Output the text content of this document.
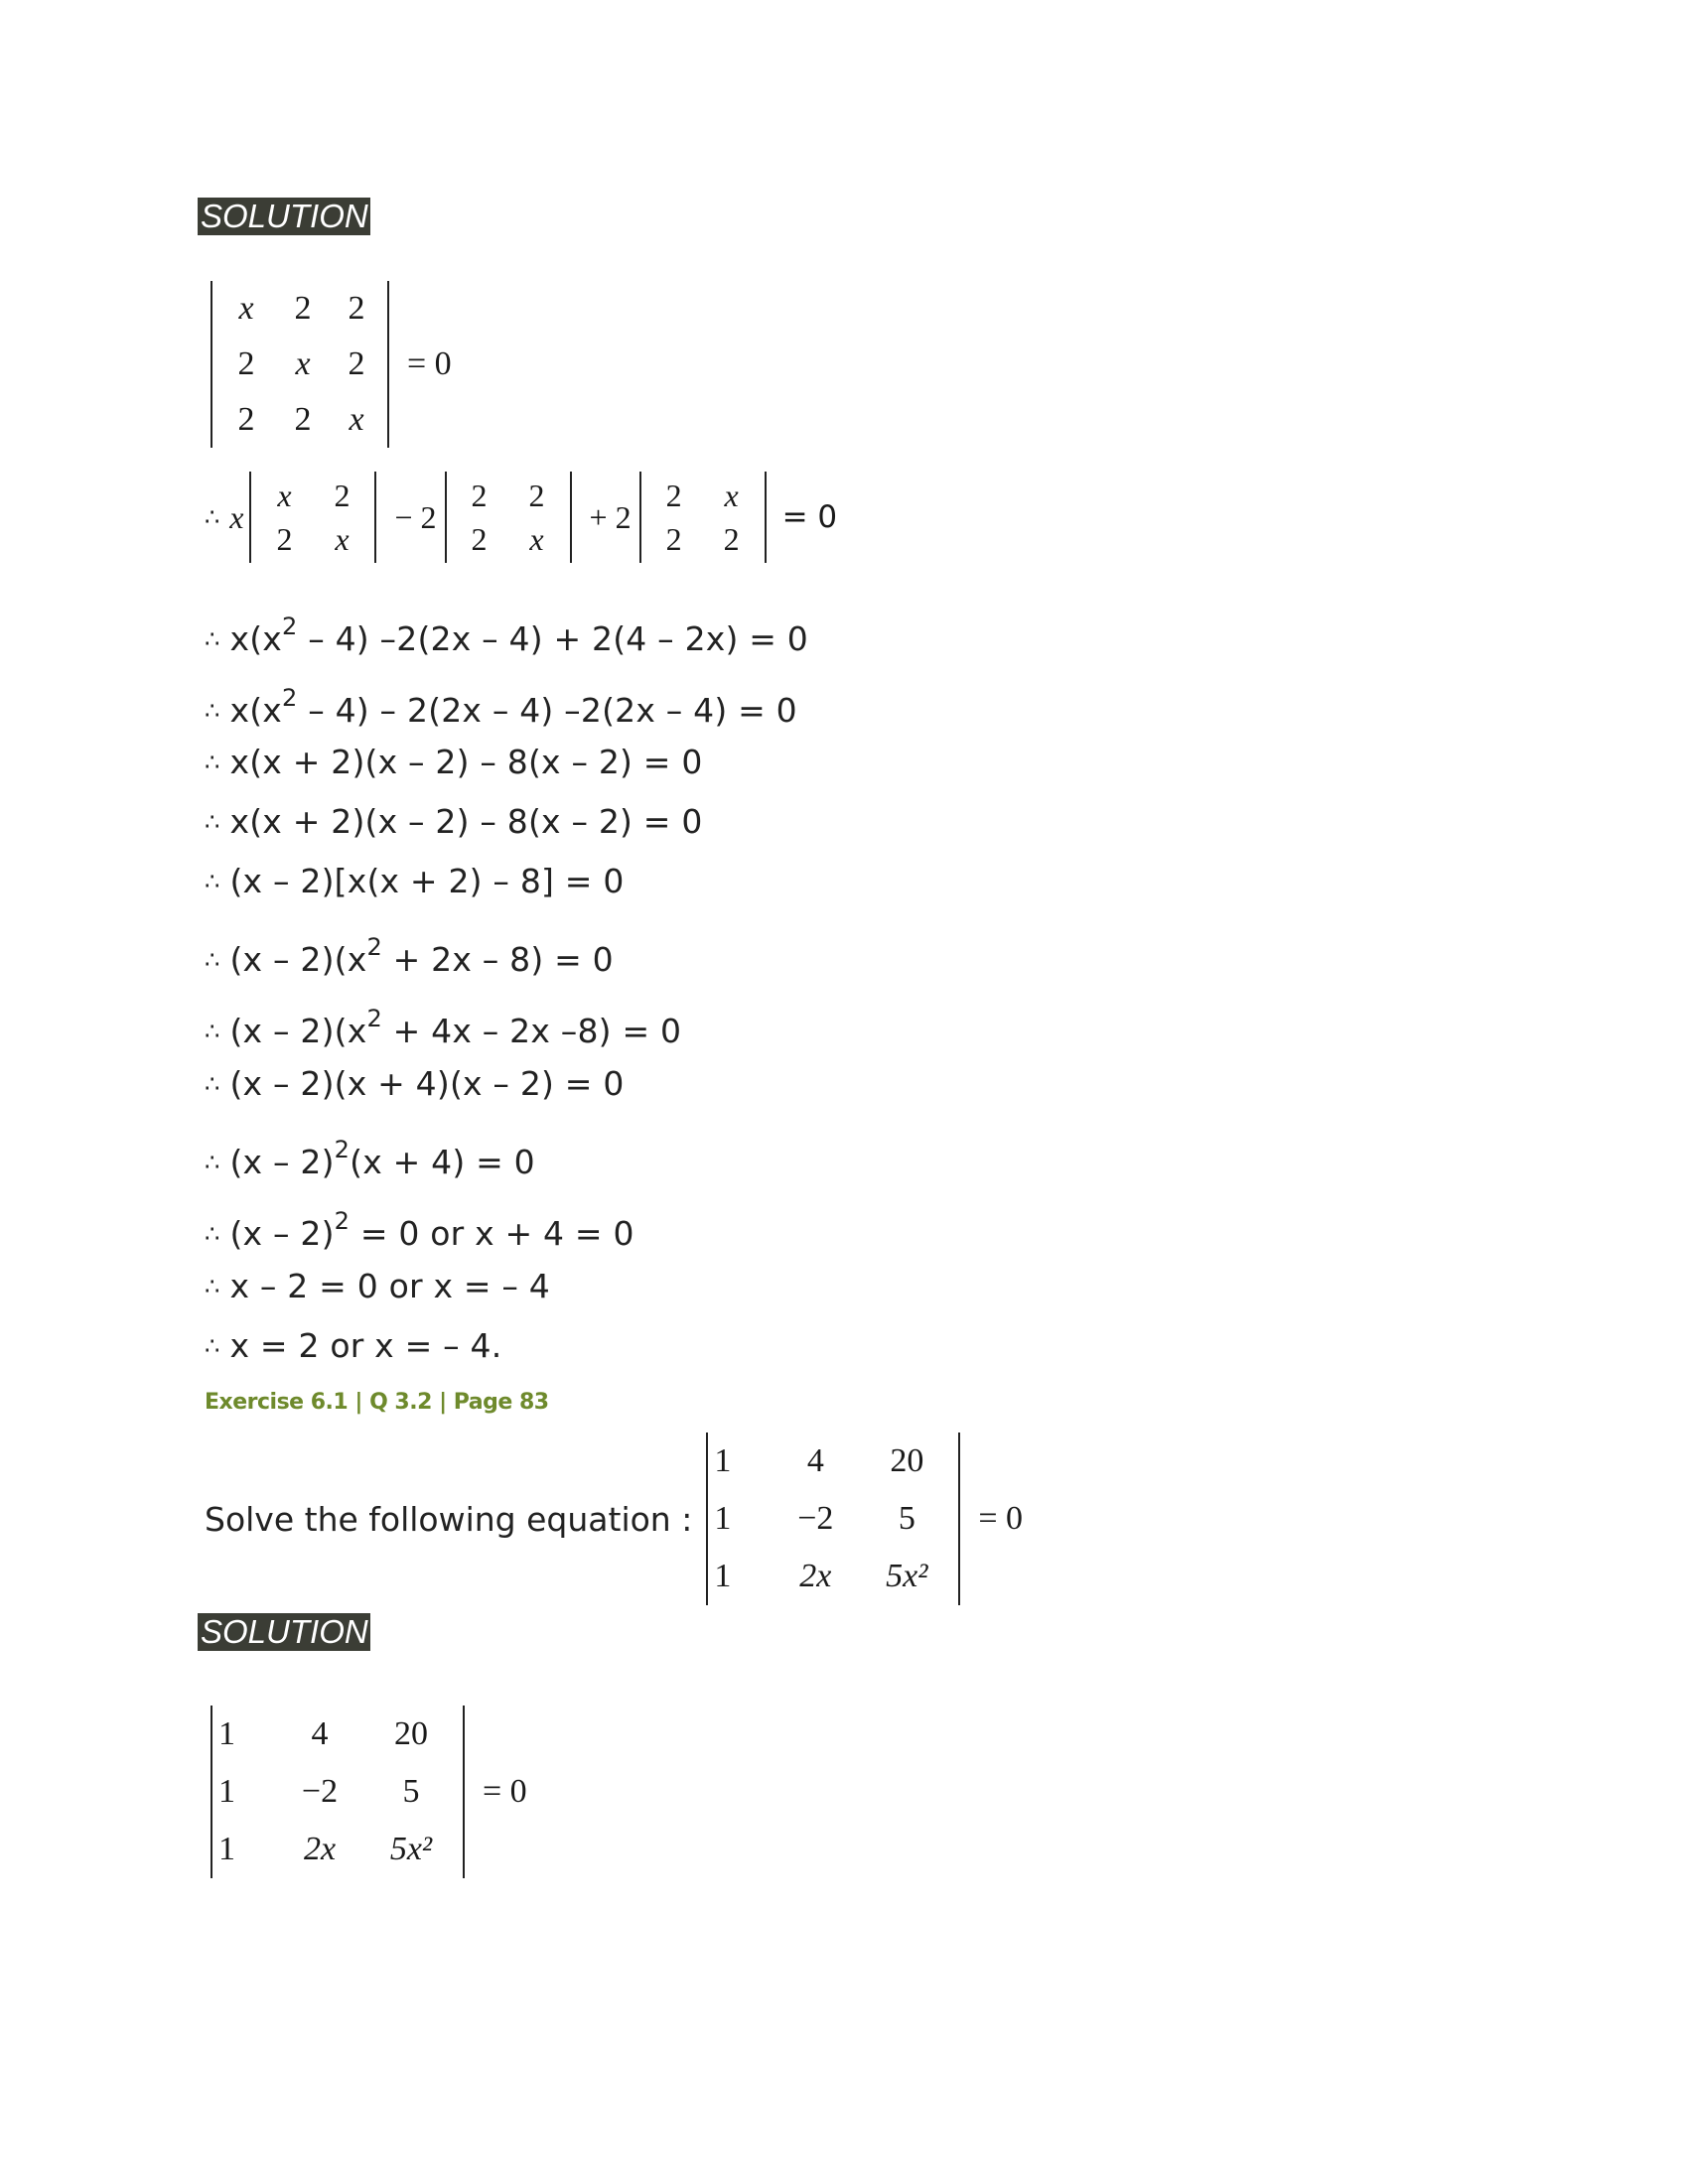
SOLUTION
x	2	2
2	x	2
2	2	x
= 0
∴ x
x	2
2	x
− 2
2	2
2	x
+ 2
2	x
2	2
= 0
∴ $x(x^2 - 4)$ –2(2x – 4) + 2(4 – 2x) = 0
∴ $x(x^2 - 4) - 2(2x - 4)$ –2(2x – 4) = 0
∴ x(x + 2)(x – 2) – 8(x – 2) = 0
∴ x(x + 2)(x – 2) – 8(x – 2) = 0
∴ (x – 2)[x(x + 2) – 8] = 0
∴ $(x - 2)(x^2 + 2x - 8) = 0$
∴ $(x - 2)(x^2 + 4x - 2x$ –8) = 0
∴ (x – 2)(x + 4)(x – 2) = 0
∴ (x – 2)$^2$(x + 4) = 0
∴ (x – 2)$^2$ = 0 or x + 4 = 0
∴ x – 2 = 0 or x = – 4
∴ x = 2 or x = – 4.
Exercise 6.1 | Q 3.2 | Page 83
Solve the following equation :
1	4	20
1	−2	5
1	2x	5x²
= 0
SOLUTION
1	4	20
1	−2	5
1	2x	5x²
= 0
